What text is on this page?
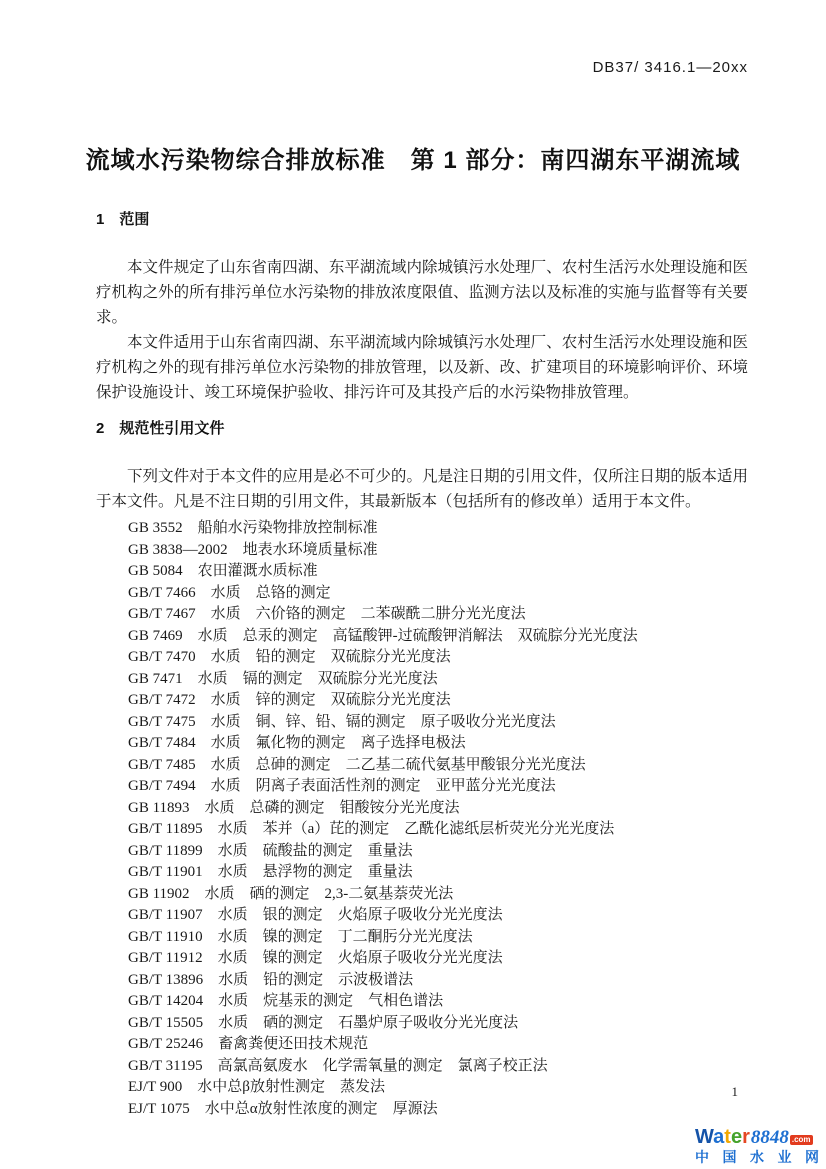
DB37/ 3416.1—20xx
流域水污染物综合排放标准　第 1 部分：南四湖东平湖流域
1　范围

本文件规定了山东省南四湖、东平湖流域内除城镇污水处理厂、农村生活污水处理设施和医疗机构之外的所有排污单位水污染物的排放浓度限值、监测方法以及标准的实施与监督等有关要求。

本文件适用于山东省南四湖、东平湖流域内除城镇污水处理厂、农村生活污水处理设施和医疗机构之外的现有排污单位水污染物的排放管理，以及新、改、扩建项目的环境影响评价、环境保护设施设计、竣工环境保护验收、排污许可及其投产后的水污染物排放管理。

2　规范性引用文件

下列文件对于本文件的应用是必不可少的。凡是注日期的引用文件，仅所注日期的版本适用于本文件。凡是不注日期的引用文件，其最新版本（包括所有的修改单）适用于本文件。

GB 3552　船舶水污染物排放控制标准
GB 3838—2002　地表水环境质量标准
GB 5084　农田灌溉水质标准
GB/T 7466　水质　总铬的测定
GB/T 7467　水质　六价铬的测定　二苯碳酰二肼分光光度法
GB 7469　水质　总汞的测定　高锰酸钾-过硫酸钾消解法　双硫腙分光光度法
GB/T 7470　水质　铅的测定　双硫腙分光光度法
GB 7471　水质　镉的测定　双硫腙分光光度法
GB/T 7472　水质　锌的测定　双硫腙分光光度法
GB/T 7475　水质　铜、锌、铅、镉的测定　原子吸收分光光度法
GB/T 7484　水质　氟化物的测定　离子选择电极法
GB/T 7485　水质　总砷的测定　二乙基二硫代氨基甲酸银分光光度法
GB/T 7494　水质　阴离子表面活性剂的测定　亚甲蓝分光光度法
GB 11893　水质　总磷的测定　钼酸铵分光光度法
GB/T 11895　水质　苯并（a）芘的测定　乙酰化滤纸层析荧光分光光度法
GB/T 11899　水质　硫酸盐的测定　重量法
GB/T 11901　水质　悬浮物的测定　重量法
GB 11902　水质　硒的测定　2,3-二氨基萘荧光法
GB/T 11907　水质　银的测定　火焰原子吸收分光光度法
GB/T 11910　水质　镍的测定　丁二酮肟分光光度法
GB/T 11912　水质　镍的测定　火焰原子吸收分光光度法
GB/T 13896　水质　铅的测定　示波极谱法
GB/T 14204　水质　烷基汞的测定　气相色谱法
GB/T 15505　水质　硒的测定　石墨炉原子吸收分光光度法
GB/T 25246　畜禽粪便还田技术规范
GB/T 31195　高氯高氨废水　化学需氧量的测定　氯离子校正法
EJ/T 900　水中总β放射性测定　蒸发法
EJ/T 1075　水中总α放射性浓度的测定　厚源法
1
Water 8848 .com
中 国 水 业 网
